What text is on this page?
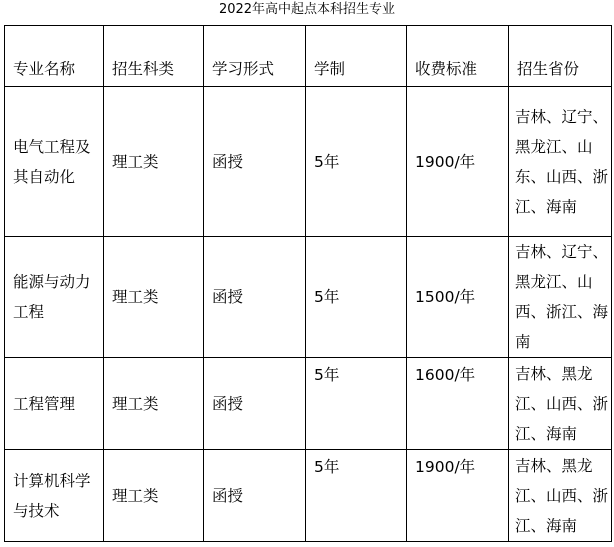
2022年高中起点本科招生专业
专业名称	招生科类	学习形式	学制	收费标准	招生省份
电气工程及其自动化	理工类	函授	5年	1900/年	吉林、辽宁、黑龙江、山东、山西、浙江、海南
能源与动力工程	理工类	函授	5年	1500/年	吉林、辽宁、黑龙江、山西、浙江、海南
工程管理	理工类	函授	5年	1600/年	吉林、黑龙江、山西、浙江、海南
计算机科学与技术	理工类	函授	5年	1900/年	吉林、黑龙江、山西、浙江、海南
